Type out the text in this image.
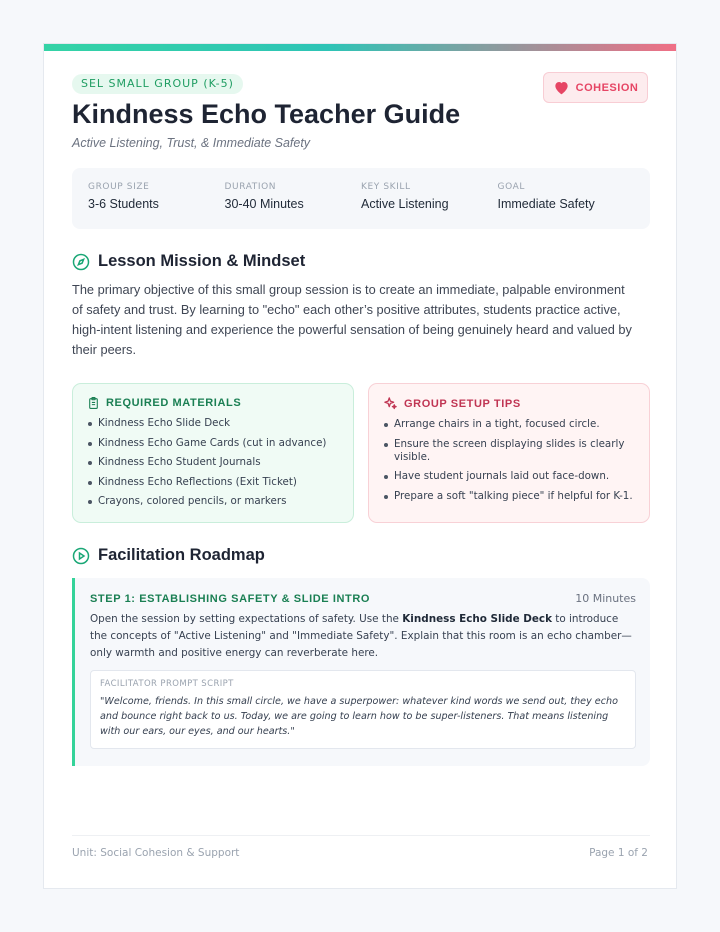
SEL SMALL GROUP (K-5)	COHESION
Kindness Echo Teacher Guide
Active Listening, Trust, & Immediate Safety
GROUP SIZE
3-6 Students
DURATION
30-40 Minutes
KEY SKILL
Active Listening
GOAL
Immediate Safety
Lesson Mission & Mindset

The primary objective of this small group session is to create an immediate, palpable environment of safety and trust. By learning to "echo" each other’s positive attributes, students practice active, high-intent listening and experience the powerful sensation of being genuinely heard and valued by their peers.

REQUIRED MATERIALS
Kindness Echo Slide Deck
Kindness Echo Game Cards (cut in advance)
Kindness Echo Student Journals
Kindness Echo Reflections (Exit Ticket)
Crayons, colored pencils, or markers
GROUP SETUP TIPS
Arrange chairs in a tight, focused circle.
Ensure the screen displaying slides is clearly visible.
Have student journals laid out face-down.
Prepare a soft "talking piece" if helpful for K-1.
Facilitation Roadmap
STEP 1: ESTABLISHING SAFETY & SLIDE INTRO	10 Minutes
Open the session by setting expectations of safety. Use the Kindness Echo Slide Deck to introduce the concepts of "Active Listening" and "Immediate Safety". Explain that this room is an echo chamber—only warmth and positive energy can reverberate here.
FACILITATOR PROMPT SCRIPT
"Welcome, friends. In this small circle, we have a superpower: whatever kind words we send out, they echo and bounce right back to us. Today, we are going to learn how to be super-listeners. That means listening with our ears, our eyes, and our hearts."
Unit: Social Cohesion & Support	Page 1 of 2
